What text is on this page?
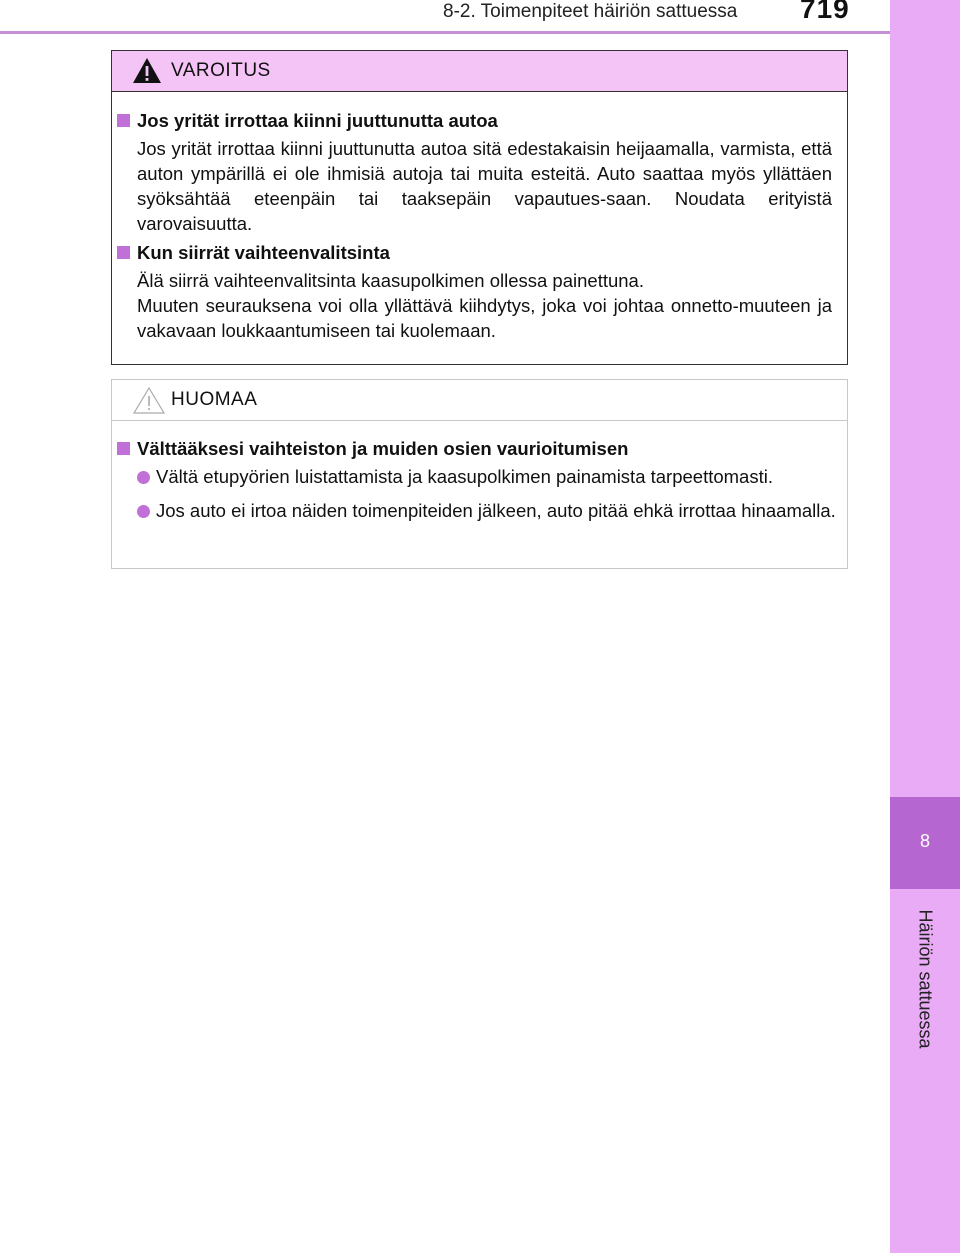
8-2. Toimenpiteet häiriön sattuessa 719
8
Häiriön sattuessa
VAROITUS
Jos yrität irrottaa kiinni juuttunutta autoa

Jos yrität irrottaa kiinni juuttunutta autoa sitä edestakaisin heijaamalla, varmista, että auton ympärillä ei ole ihmisiä autoja tai muita esteitä. Auto saattaa myös yllättäen syöksähtää eteenpäin tai taaksepäin vapautues-saan. Noudata erityistä varovaisuutta.

Kun siirrät vaihteenvalitsinta

Älä siirrä vaihteenvalitsinta kaasupolkimen ollessa painettuna.

Muuten seurauksena voi olla yllättävä kiihdytys, joka voi johtaa onnetto-muuteen ja vakavaan loukkaantumiseen tai kuolemaan.

HUOMAA
Välttääksesi vaihteiston ja muiden osien vaurioitumisen
Vältä etupyörien luistattamista ja kaasupolkimen painamista tarpeettomasti.
Jos auto ei irtoa näiden toimenpiteiden jälkeen, auto pitää ehkä irrottaa hinaamalla.
